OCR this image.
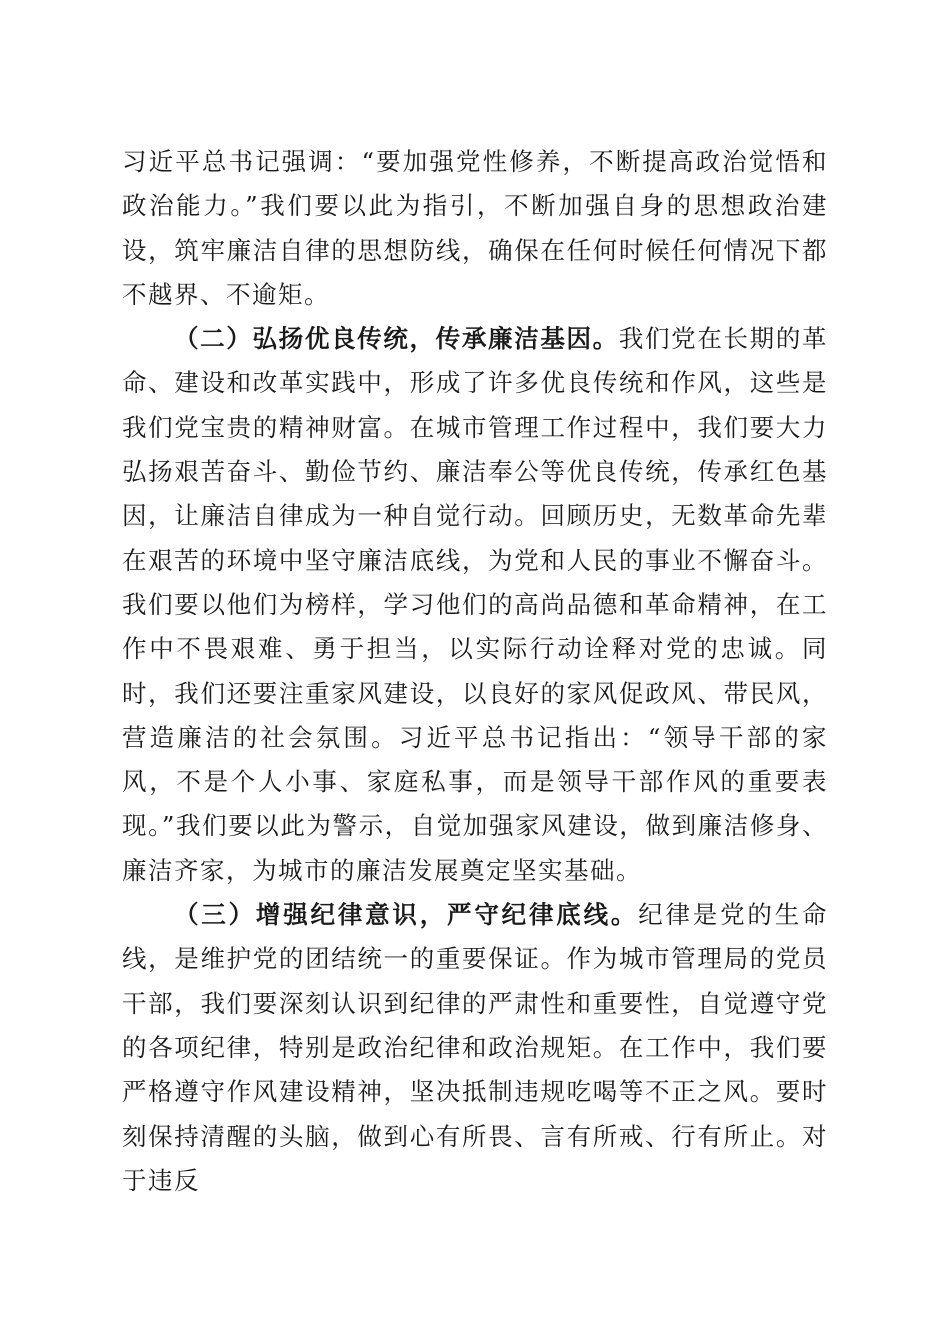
习近平总书记强调：“要加强党性修养，不断提高政治觉悟和政治能力。”我们要以此为指引，不断加强自身的思想政治建设，筑牢廉洁自律的思想防线，确保在任何时候任何情况下都不越界、不逾矩。

（二）弘扬优良传统，传承廉洁基因。我们党在长期的革命、建设和改革实践中，形成了许多优良传统和作风，这些是我们党宝贵的精神财富。在城市管理工作过程中，我们要大力弘扬艰苦奋斗、勤俭节约、廉洁奉公等优良传统，传承红色基因，让廉洁自律成为一种自觉行动。回顾历史，无数革命先辈在艰苦的环境中坚守廉洁底线，为党和人民的事业不懈奋斗。我们要以他们为榜样，学习他们的高尚品德和革命精神，在工作中不畏艰难、勇于担当，以实际行动诠释对党的忠诚。同时，我们还要注重家风建设，以良好的家风促政风、带民风，营造廉洁的社会氛围。习近平总书记指出：“领导干部的家风，不是个人小事、家庭私事，而是领导干部作风的重要表现。”我们要以此为警示，自觉加强家风建设，做到廉洁修身、廉洁齐家，为城市的廉洁发展奠定坚实基础。

（三）增强纪律意识，严守纪律底线。纪律是党的生命线，是维护党的团结统一的重要保证。作为城市管理局的党员干部，我们要深刻认识到纪律的严肃性和重要性，自觉遵守党的各项纪律，特别是政治纪律和政治规矩。在工作中，我们要严格遵守作风建设精神，坚决抵制违规吃喝等不正之风。要时刻保持清醒的头脑，做到心有所畏、言有所戒、行有所止。对于违反
